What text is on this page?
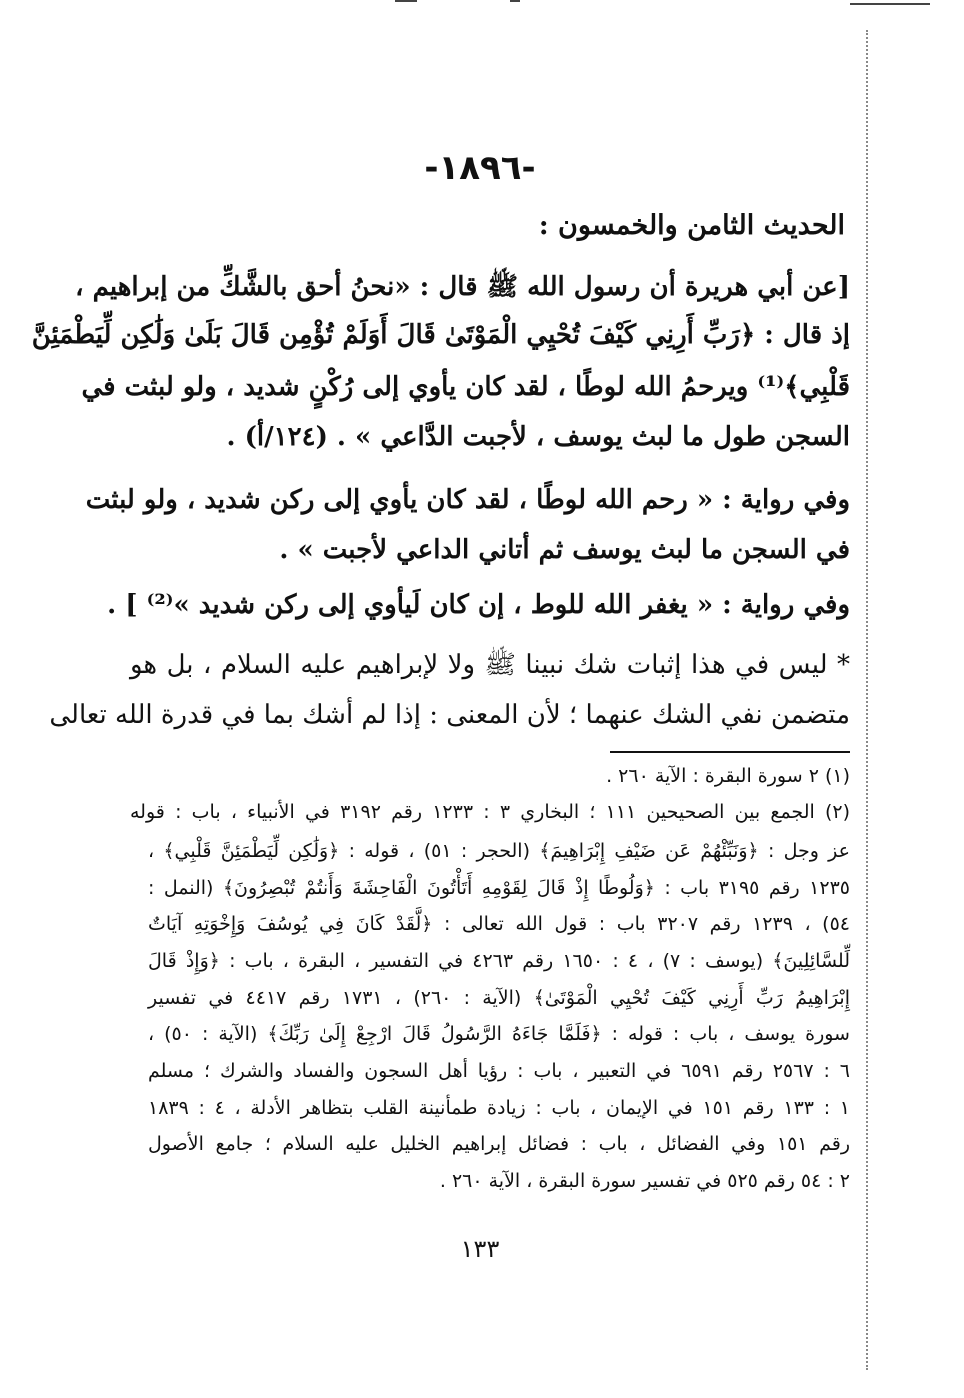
-١٨٩٦-
الحديث الثامن والخمسون :
[عن أبي هريرة أن رسول الله ﷺ قال : «نحنُ أحق بالشَّكِّ من إبراهيم ،
إذ قال : ﴿رَبِّ أَرِنِي كَيْفَ تُحْيِي الْمَوْتَىٰ قَالَ أَوَلَمْ تُؤْمِن قَالَ بَلَىٰ وَلَٰكِن لِّيَطْمَئِنَّ
قَلْبِي﴾⁽¹⁾ ويرحمُ الله لوطًا ، لقد كان يأوي إلى رُكْنٍ شديد ، ولو لبثت في
السجن طول ما لبث يوسف ، لأجبت الدَّاعي » . (١٢٤/أ) .
وفي رواية : « رحم الله لوطًا ، لقد كان يأوي إلى ركن شديد ، ولو لبثت
في السجن ما لبث يوسف ثم أتاني الداعي لأجبت » .
وفي رواية : « يغفر الله للوط ، إن كان لَيأوي إلى ركن شديد »⁽²⁾ ] .
* ليس في هذا إثبات شك نبينا ﷺ ولا لإبراهيم عليه السلام ، بل هو
متضمن نفي الشك عنهما ؛ لأن المعنى : إذا لم أشك بما في قدرة الله تعالى
(١) ٢ سورة البقرة : الآية ٢٦٠ .
(٢) الجمع بين الصحيحين ١١١ ؛ البخاري ٣ : ١٢٣٣ رقم ٣١٩٢ في الأنبياء ، باب : قوله
عز وجل : ﴿وَنَبِّئْهُمْ عَن ضَيْفِ إِبْرَاهِيمَ﴾ (الحجر : ٥١) ، قوله : ﴿وَلَٰكِن لِّيَطْمَئِنَّ قَلْبِي﴾ ،
١٢٣٥ رقم ٣١٩٥ باب : ﴿وَلُوطًا إِذْ قَالَ لِقَوْمِهِ أَتَأْتُونَ الْفَاحِشَةَ وَأَنتُمْ تُبْصِرُونَ﴾ (النمل :
٥٤) ، ١٢٣٩ رقم ٣٢٠٧ باب : قول الله تعالى : ﴿لَّقَدْ كَانَ فِي يُوسُفَ وَإِخْوَتِهِ آيَاتٌ
لِّلسَّائِلِينَ﴾ (يوسف : ٧) ، ٤ : ١٦٥٠ رقم ٤٢٦٣ في التفسير ، البقرة ، باب : ﴿وَإِذْ قَالَ
إِبْرَاهِيمُ رَبِّ أَرِنِي كَيْفَ تُحْيِي الْمَوْتَىٰ﴾ (الآية : ٢٦٠) ، ١٧٣١ رقم ٤٤١٧ في تفسير
سورة يوسف ، باب : قوله : ﴿فَلَمَّا جَاءَهُ الرَّسُولُ قَالَ ارْجِعْ إِلَىٰ رَبِّكَ﴾ (الآية : ٥٠) ،
٦ : ٢٥٦٧ رقم ٦٥٩١ في التعبير ، باب : رؤيا أهل السجون والفساد والشرك ؛ مسلم
١ : ١٣٣ رقم ١٥١ في الإيمان ، باب : زيادة طمأنينة القلب بتظاهر الأدلة ، ٤ : ١٨٣٩
رقم ١٥١ وفي الفضائل ، باب : فضائل إبراهيم الخليل عليه السلام ؛ جامع الأصول
٢ : ٥٤ رقم ٥٢٥ في تفسير سورة البقرة ، الآية ٢٦٠ .
١٣٣
